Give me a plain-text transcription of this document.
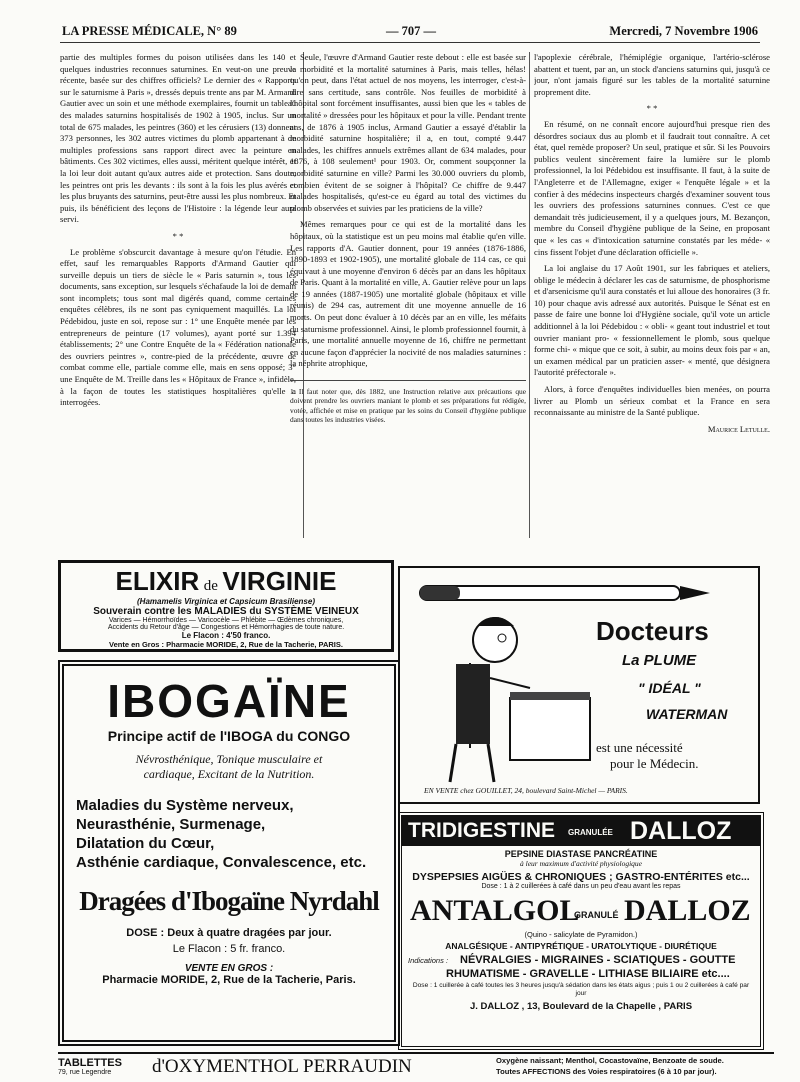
LA PRESSE MÉDICALE, N° 89	— 707 —	Mercredi, 7 Novembre 1906

partie des multiples formes du poison utilisées dans les 140 et quelques industries reconnues saturnines. En veut-on une preuve récente, basée sur des chiffres officiels? Le dernier des « Rapports sur le saturnisme à Paris », dressés depuis trente ans par M. Armand Gautier avec un soin et une méthode exemplaires, fournit un tableau des malades saturnins hospitalisés de 1902 à 1905, inclus. Sur un total de 675 malades, les peintres (360) et les cérusiers (13) donnent 373 personnes, les 302 autres victimes du plomb appartenant à de multiples professions sans rapport direct avec la peinture en bâtiments. Ces 302 victimes, elles aussi, méritent quelque intérêt, et la loi leur doit autant qu'aux autres aide et protection. Sans doute, les peintres ont pris les devants : ils sont à la fois les plus avérés et les plus bruyants des saturnins, peut-être aussi les plus nombreux. Et puis, ils bénéficient des leçons de l'Histoire : la légende leur aura servi.

* *

Le problème s'obscurcit davantage à mesure qu'on l'étudie. En effet, sauf les remarquables Rapports d'Armand Gautier qui surveille depuis un tiers de siècle le « Paris saturnin », tous les documents, sans exception, sur lesquels s'échafaude la loi de demain sont incomplets; tous sont mal digérés quand, comme certaines enquêtes célèbres, ils ne sont pas cyniquement maquillés. La loi Pédebidou, juste en soi, repose sur : 1° une Enquête menée par les entrepreneurs de peinture (17 volumes), ayant porté sur 1.394 établissements; 2° une Contre Enquête de la « Fédération nationale des ouvriers peintres », contre-pied de la précédente, œuvre de combat comme elle, partiale comme elle, mais en sens opposé; 3° une Enquête de M. Treille dans les « Hôpitaux de France », infidèle, à la façon de toutes les statistiques hospitalières qu'elle a interrogées.

Seule, l'œuvre d'Armand Gautier reste debout : elle est basée sur la morbidité et la mortalité saturnines à Paris, mais telles, hélas! qu'on peut, dans l'état actuel de nos moyens, les interroger, c'est-à-dire sans certitude, sans contrôle. Nos feuilles de morbidité à l'hôpital sont forcément insuffisantes, aussi bien que les « tables de mortalité » dressées pour les hôpitaux et pour la ville. Pendant trente ans, de 1876 à 1905 inclus, Armand Gautier a essayé d'établir la morbidité saturnine hospitalière; il a, en tout, compté 9.447 malades, les chiffres annuels extrêmes allant de 634 malades, pour 1876, à 108 seulement¹ pour 1903. Or, comment soupçonner la morbidité saturnine en ville? Parmi les 30.000 ouvriers du plomb, combien évitent de se soigner à l'hôpital? Ce chiffre de 9.447 malades hospitalisés, qu'est-ce eu égard au total des victimes du plomb observées et suivies par les praticiens de la ville?

Mêmes remarques pour ce qui est de la mortalité dans les hôpitaux, où la statistique est un peu moins mal établie qu'en ville. Les rapports d'A. Gautier donnent, pour 19 années (1876-1886, 1890-1893 et 1902-1905), une mortalité globale de 114 cas, ce qui équivaut à une moyenne d'environ 6 décès par an dans les hôpitaux de Paris. Quant à la mortalité en ville, A. Gautier relève pour un laps de 19 années (1887-1905) une mortalité globale (hôpitaux et ville réunis) de 294 cas, autrement dit une moyenne annuelle de 16 morts. On peut donc évaluer à 10 décès par an en ville, les méfaits du saturnisme professionnel. Ainsi, le plomb professionnel fournit, à Paris, une mortalité annuelle moyenne de 16, chiffre ne permettant en aucune façon d'apprécier la nocivité de nos maladies saturnines : la néphrite atrophique,

1. Il faut noter que, dès 1882, une Instruction relative aux précautions que doivent prendre les ouvriers maniant le plomb et ses préparations fut rédigée, votée, affichée et mise en pratique par les soins du Conseil d'hygiène publique dans toutes les industries visées.

l'apoplexie cérébrale, l'hémiplégie organique, l'artério-sclérose abattent et tuent, par an, un stock d'anciens saturnins qui, jusqu'à ce jour, n'ont jamais figuré sur les tables de la mortalité saturnine proprement dite.

* *

En résumé, on ne connaît encore aujourd'hui presque rien des désordres sociaux dus au plomb et il faudrait tout connaître. A cet état, quel remède proposer? Un seul, pratique et sûr. Si les Pouvoirs publics veulent sincèrement faire la lumière sur le plomb professionnel, la loi Pédebidou est insuffisante. Il faut, à la suite de l'Angleterre et de l'Allemagne, exiger « l'enquête légale » et la confier à des médecins inspecteurs chargés d'examiner souvent tous les ouvriers des professions saturnines connues. C'est ce que demandait très judicieusement, il y a quelques jours, M. Bezançon, membre du Conseil d'hygiène publique de la Seine, en proposant que « les cas « d'intoxication saturnine constatés par les méde- « cins fissent l'objet d'une déclaration officielle ».

La loi anglaise du 17 Août 1901, sur les fabriques et ateliers, oblige le médecin à déclarer les cas de saturnisme, de phosphorisme et d'arsenicisme qu'il aura constatés et lui alloue des honoraires (3 fr. 10) pour chaque avis adressé aux autorités. Puisque le Sénat est en passe de faire une bonne loi d'Hygiène sociale, qu'il vote un article additionnel à la loi Pédebidou : « obli- « geant tout industriel et tout ouvrier maniant pro- « fessionnellement le plomb, sous quelque forme chi- « mique que ce soit, à subir, au moins deux fois par « an, un examen médical par un praticien asser- « menté, que désignera l'autorité préfectorale ».

Alors, à force d'enquêtes individuelles bien menées, on pourra livrer au Plomb un sérieux combat et la France en sera reconnaissante au ministre de la Santé publique.

Maurice Letulle.
ELIXIR de VIRGINIE
(Hamamelis Virginica et Capsicum Brasiliense)
Souverain contre les MALADIES du SYSTÈME VEINEUX
Varices — Hémorrhoïdes — Varicocèle — Phlébite — Œdèmes chroniques,
Accidents du Retour d'âge — Congestions et Hémorrhagies de toute nature.
Le Flacon : 4'50 franco.
Vente en Gros : Pharmacie MORIDE, 2, Rue de la Tacherie, PARIS.
IBOGAÏNE
Principe actif de l'IBOGA du CONGO
Névrosthénique, Tonique musculaire et
cardiaque, Excitant de la Nutrition.
Maladies du Système nerveux,
Neurasthénie, Surmenage,
Dilatation du Cœur,
Asthénie cardiaque, Convalescence, etc.
Dragées d'Ibogaïne Nyrdahl
DOSE : Deux à quatre dragées par jour.
Le Flacon : 5 fr. franco.
VENTE EN GROS :
Pharmacie MORIDE, 2, Rue de la Tacherie, Paris.
Docteurs
La PLUME
" IDÉAL "
WATERMAN
est une nécessité
pour le Médecin.
EN VENTE chez GOUILLET, 24, boulevard Saint-Michel — PARIS.
TRIDIGESTINE GRANULÉE DALLOZ
PEPSINE DIASTASE PANCRÉATINE
à leur maximum d'activité physiologique
DYSPEPSIES AIGÜES & CHRONIQUES ; GASTRO-ENTÉRITES etc...
Dose : 1 à 2 cuillerées à café dans un peu d'eau avant les repas
ANTALGOL
GRANULÉ DALLOZ
(Quino - salicylate de Pyramidon.)
ANALGÉSIQUE - ANTIPYRÉTIQUE - URATOLYTIQUE - DIURÉTIQUE
Indications : NÉVRALGIES - MIGRAINES - SCIATIQUES - GOUTTE
RHUMATISME - GRAVELLE - LITHIASE BILIAIRE etc....
Dose : 1 cuillerée à café toutes les 3 heures jusqu'à sédation dans les états aigus ; puis 1 ou 2 cuillerées à café par jour
J. DALLOZ , 13, Boulevard de la Chapelle , PARIS
TABLETTES
79, rue Legendre d'OXYMENTHOL PERRAUDIN	Oxygène naissant; Menthol, Cocastovaïne, Benzoate de soude.
Toutes AFFECTIONS des Voies respiratoires (6 à 10 par jour).
